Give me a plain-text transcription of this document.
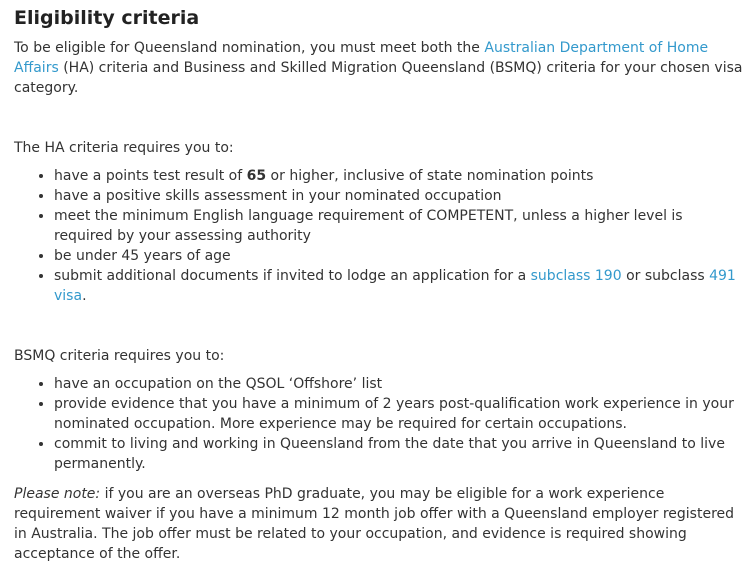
Eligibility criteria

To be eligible for Queensland nomination, you must meet both the Australian Department of Home Affairs (HA) criteria and Business and Skilled Migration Queensland (BSMQ) criteria for your chosen visa category.

The HA criteria requires you to:

• have a points test result of 65 or higher, inclusive of state nomination points
• have a positive skills assessment in your nominated occupation
• meet the minimum English language requirement of COMPETENT, unless a higher level is required by your assessing authority
• be under 45 years of age
• submit additional documents if invited to lodge an application for a subclass 190 or subclass 491 visa.

BSMQ criteria requires you to:

• have an occupation on the QSOL ‘Offshore’ list
• provide evidence that you have a minimum of 2 years post-qualification work experience in your nominated occupation. More experience may be required for certain occupations.
• commit to living and working in Queensland from the date that you arrive in Queensland to live permanently.

Please note: if you are an overseas PhD graduate, you may be eligible for a work experience requirement waiver if you have a minimum 12 month job offer with a Queensland employer registered in Australia. The job offer must be related to your occupation, and evidence is required showing acceptance of the offer.
